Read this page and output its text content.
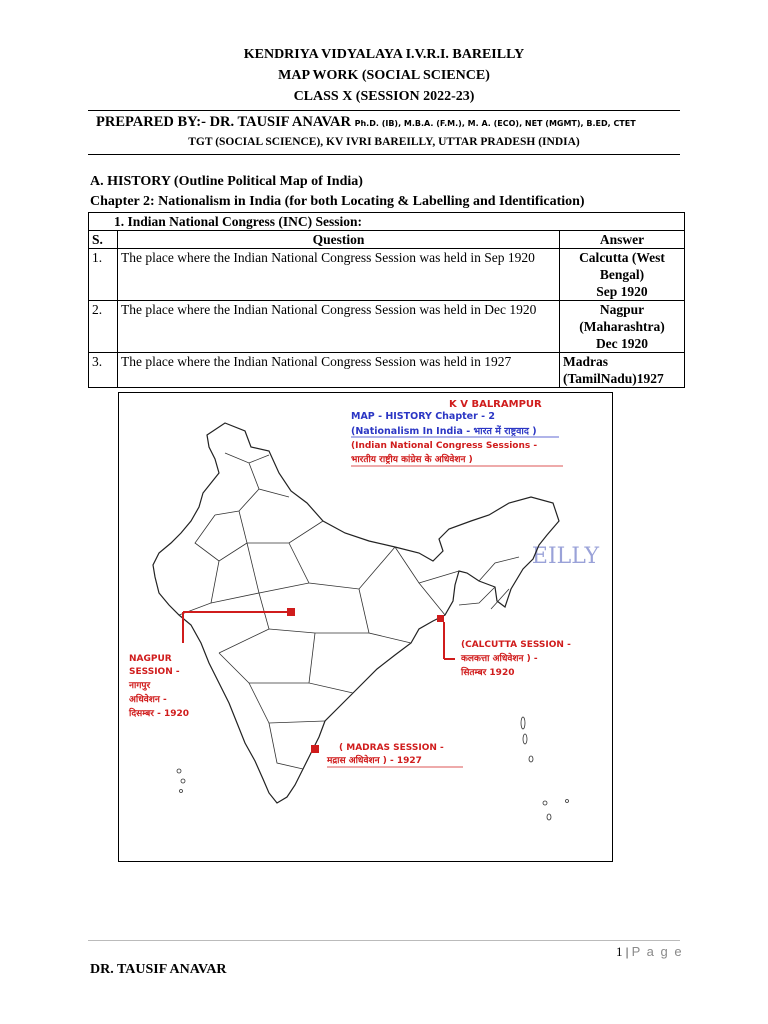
KENDRIYA VIDYALAYA I.V.R.I. BAREILLY
MAP WORK (SOCIAL SCIENCE)
CLASS X (SESSION 2022-23)
PREPARED BY:- DR. TAUSIF ANAVAR Ph.D. (IB), M.B.A. (F.M.), M. A. (ECO), NET (MGMT), B.ED, CTET
TGT (SOCIAL SCIENCE), KV IVRI BAREILLY, UTTAR PRADESH (INDIA)
A. HISTORY (Outline Political Map of India)
Chapter 2: Nationalism in India (for both Locating & Labelling and Identification)
1. Indian National Congress (INC) Session:		
S.	Question	Answer
1.	The place where the Indian National Congress Session was held in Sep 1920	Calcutta (West
Bengal)
Sep 1920

2.	The place where the Indian National Congress Session was held in Dec 1920	Nagpur
(Maharashtra)
Dec 1920

3.	The place where the Indian National Congress Session was held in 1927	Madras
(TamilNadu)1927
EILLY
K V BALRAMPUR
MAP - HISTORY Chapter - 2
(Nationalism In India - भारत में राष्ट्रवाद )
(Indian National Congress Sessions -
भारतीय राष्ट्रीय कांग्रेस के अधिवेशन )
NAGPUR
SESSION -
नागपुर
अधिवेशन -
दिसम्बर - 1920
(CALCUTTA SESSION -
कलकत्ता अधिवेशन ) -
सितम्बर 1920
( MADRAS SESSION -
मद्रास अधिवेशन ) - 1927
1 | P a g e
DR. TAUSIF ANAVAR
